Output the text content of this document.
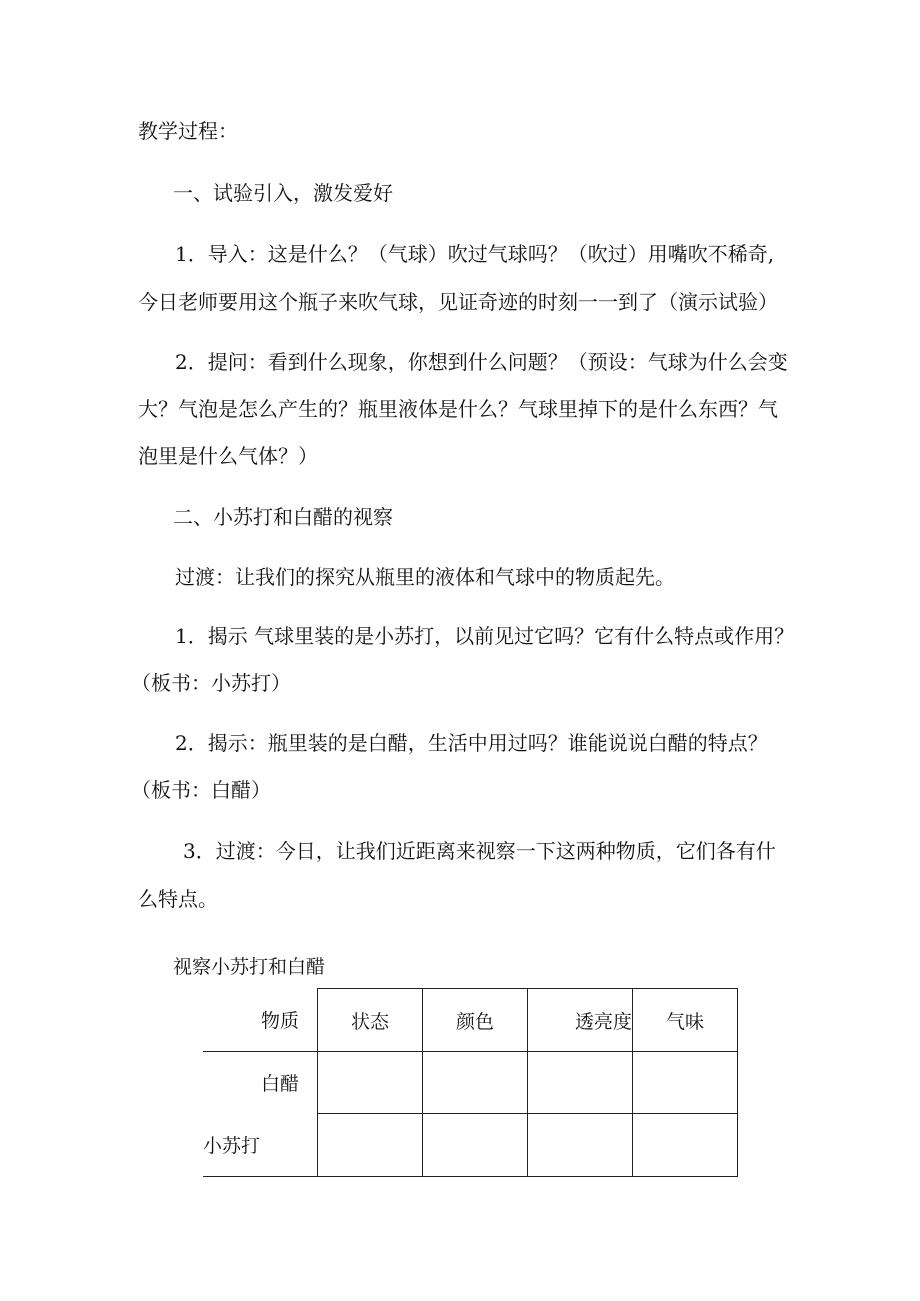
教学过程：
一、试验引入，激发爱好
1．导入：这是什么？（气球）吹过气球吗？（吹过）用嘴吹不稀奇,
今日老师要用这个瓶子来吹气球，见证奇迹的时刻一一到了（演示试验）
2．提问：看到什么现象，你想到什么问题？（预设：气球为什么会变
大？气泡是怎么产生的？瓶里液体是什么？气球里掉下的是什么东西？气
泡里是什么气体？）
二、小苏打和白醋的视察
过渡：让我们的探究从瓶里的液体和气球中的物质起先。
1．揭示 气球里装的是小苏打，以前见过它吗？它有什么特点或作用？
（板书：小苏打）
2．揭示：瓶里装的是白醋，生活中用过吗？谁能说说白醋的特点？
（板书：白醋）
3．过渡：今日，让我们近距离来视察一下这两种物质，它们各有什
么特点。
视察小苏打和白醋
物质	状态	颜色	透亮度	气味
白醋				
小苏打				
